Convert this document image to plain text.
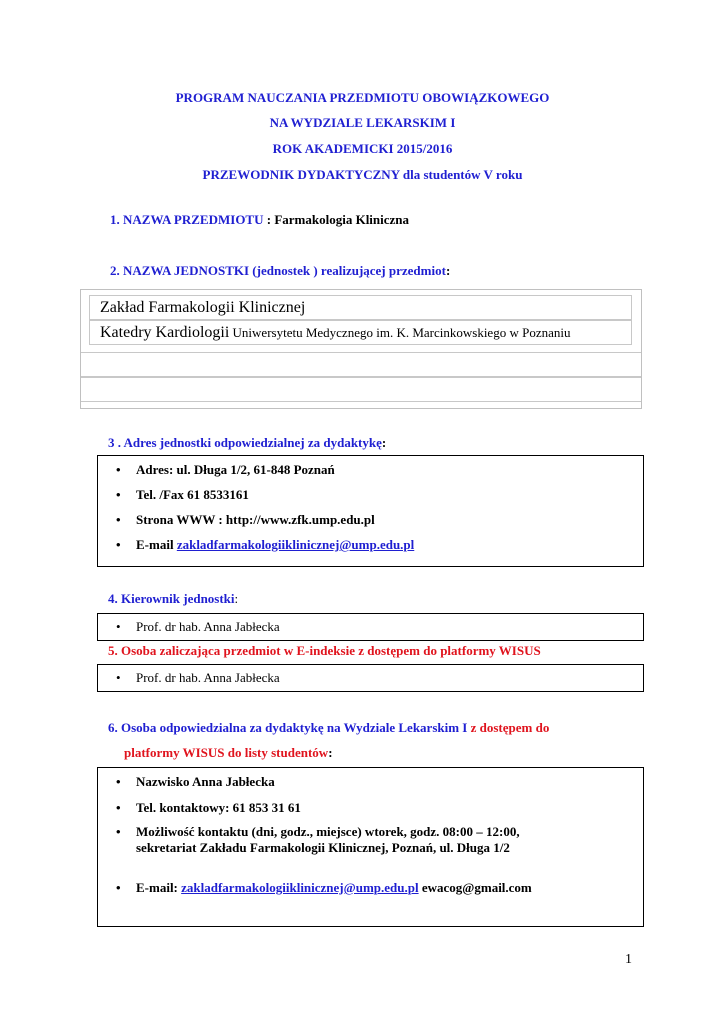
PROGRAM NAUCZANIA PRZEDMIOTU OBOWIĄZKOWEGO
NA WYDZIALE LEKARSKIM I
ROK AKADEMICKI 2015/2016
PRZEWODNIK DYDAKTYCZNY dla studentów V roku
1. NAZWA PRZEDMIOTU : Farmakologia Kliniczna
2. NAZWA JEDNOSTKI (jednostek ) realizującej przedmiot:
Zakład Farmakologii Klinicznej
Katedry Kardiologii Uniwersytetu Medycznego im. K. Marcinkowskiego w Poznaniu
3 . Adres jednostki odpowiedzialnej za dydaktykę:
• Adres: ul. Długa 1/2, 61-848 Poznań
• Tel. /Fax 61 8533161
• Strona WWW : http://www.zfk.ump.edu.pl
• E-mail zakladfarmakologiiklinicznej@ump.edu.pl
4. Kierownik jednostki:
• Prof. dr hab. Anna Jabłecka
5. Osoba zaliczająca przedmiot w E-indeksie z dostępem do platformy WISUS
• Prof. dr hab. Anna Jabłecka
6. Osoba odpowiedzialna za dydaktykę na Wydziale Lekarskim I z dostępem do
platformy WISUS do listy studentów:
• Nazwisko Anna Jabłecka
• Tel. kontaktowy: 61 853 31 61
• Możliwość kontaktu (dni, godz., miejsce) wtorek, godz. 08:00 – 12:00,
sekretariat Zakładu Farmakologii Klinicznej, Poznań, ul. Długa 1/2
• E-mail: zakladfarmakologiiklinicznej@ump.edu.pl ewacog@gmail.com
1
